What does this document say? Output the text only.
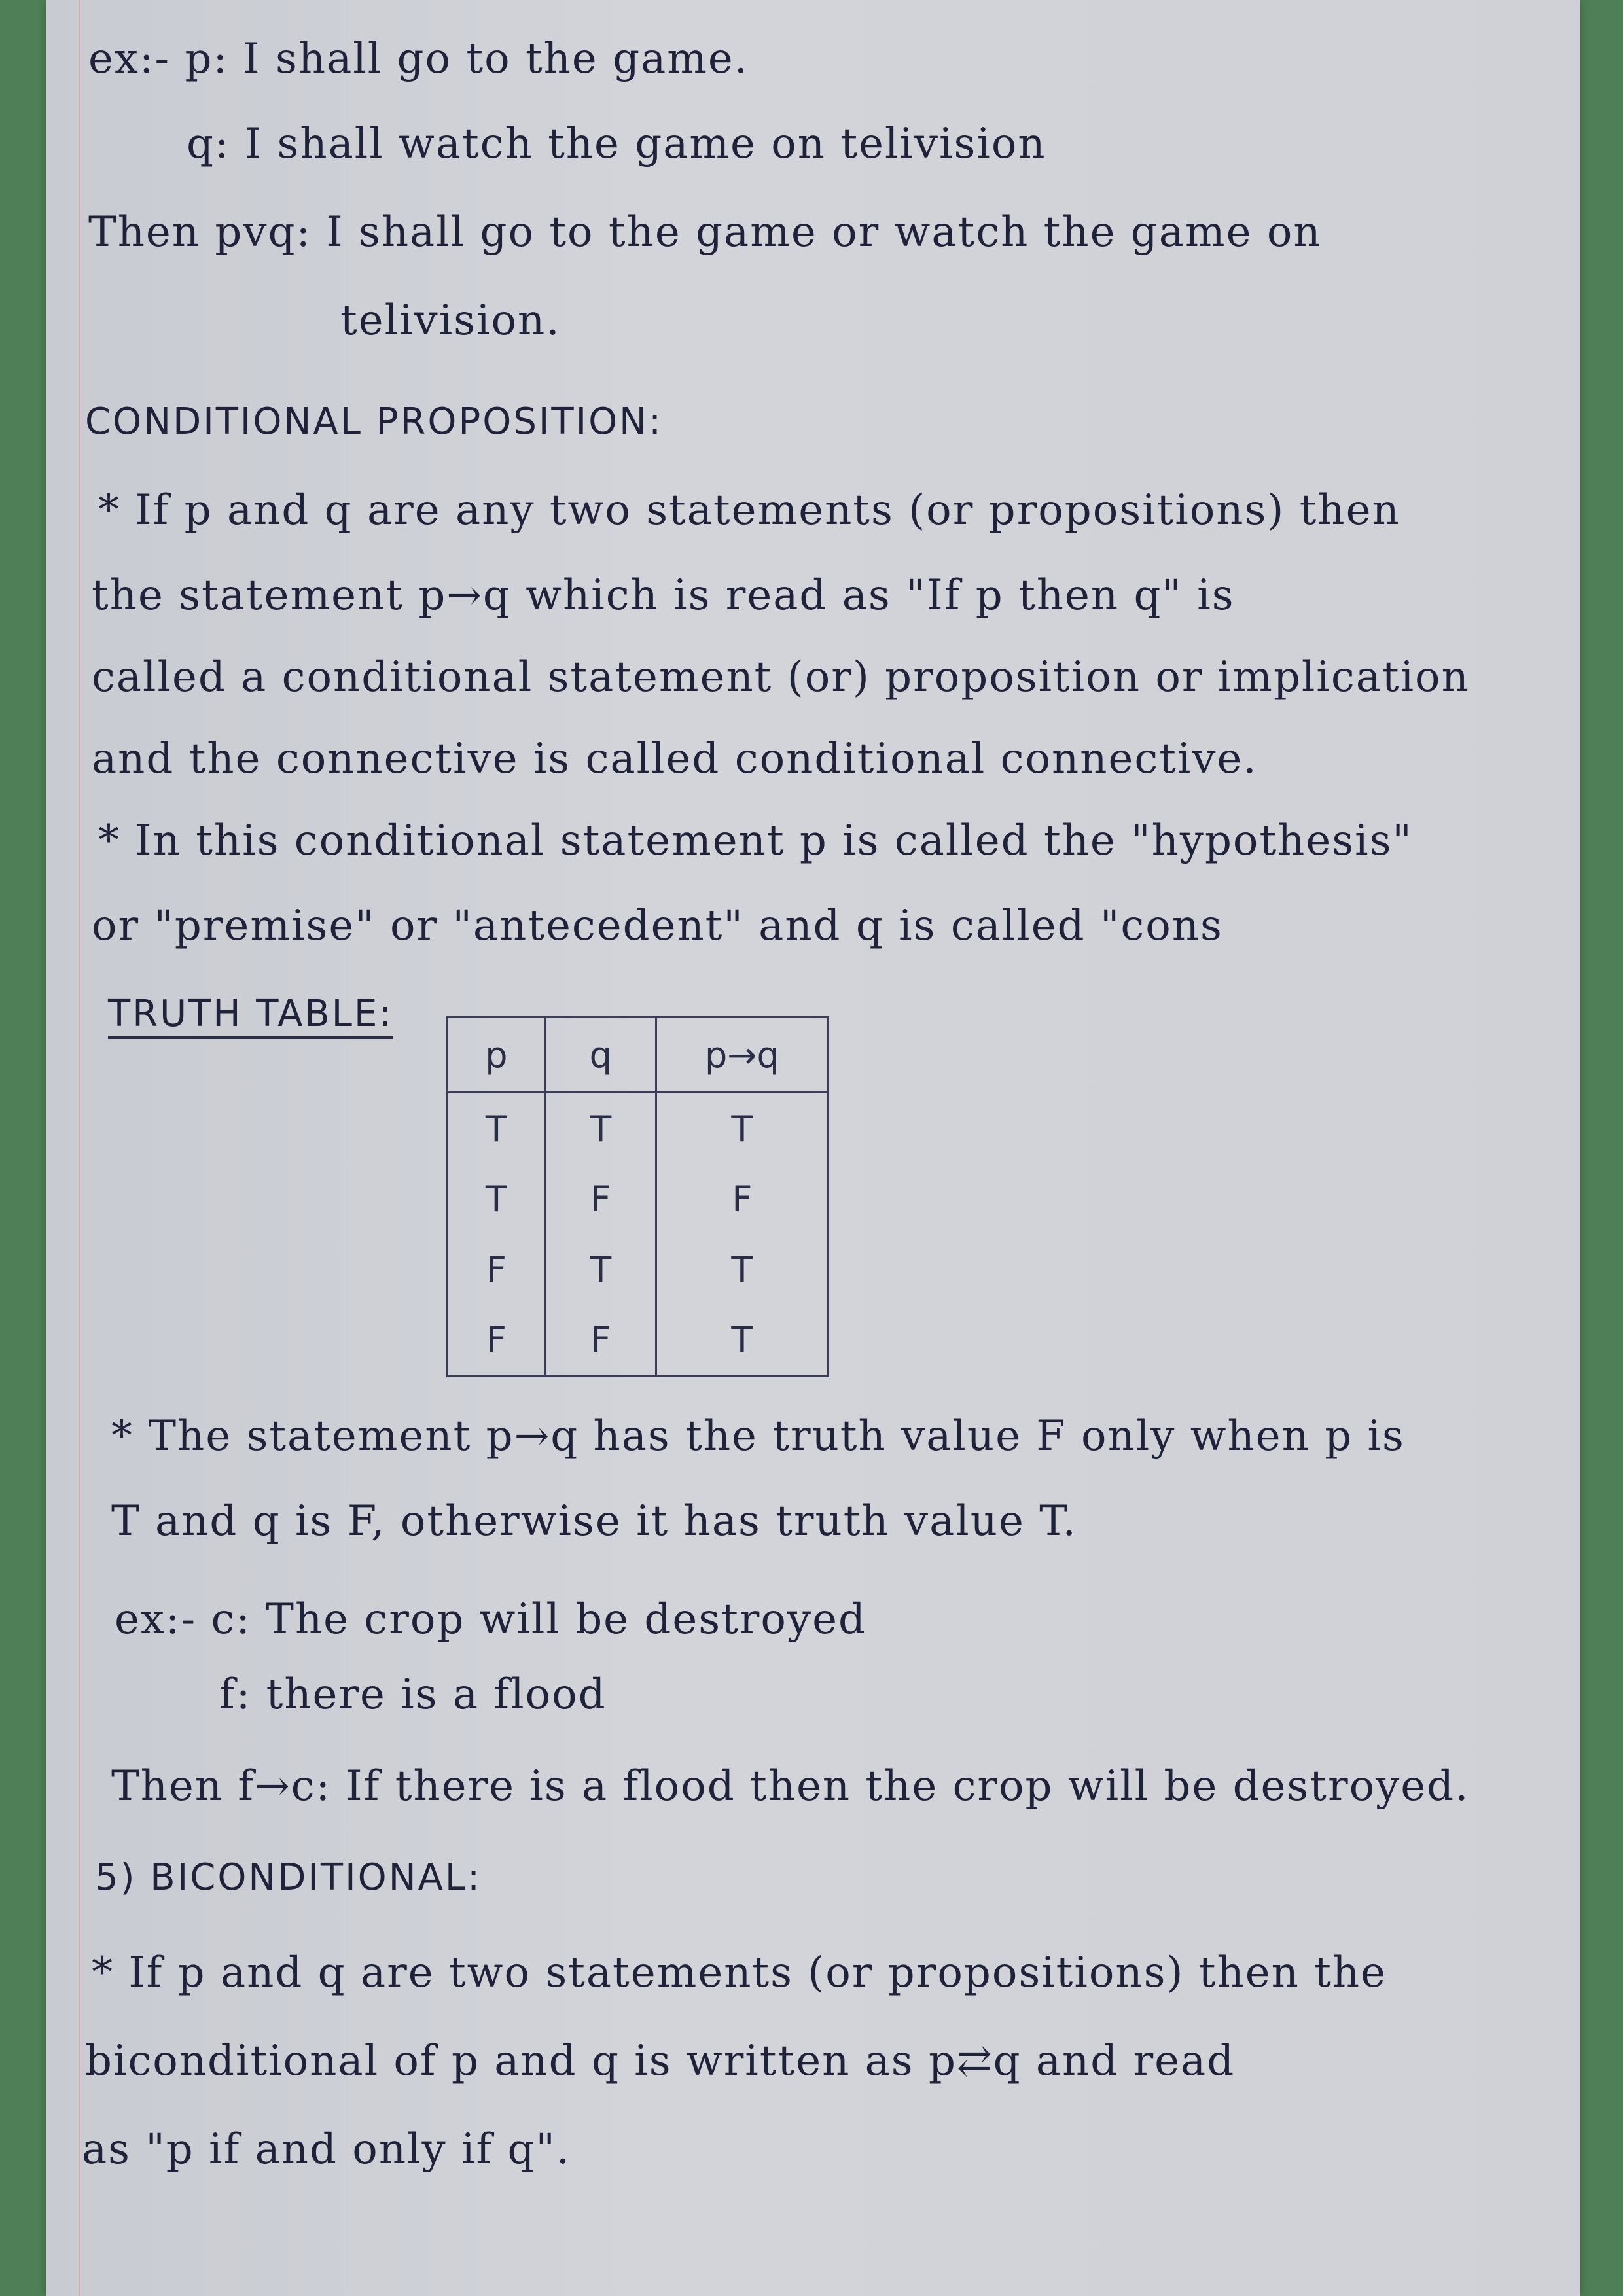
ex:- p: I shall go to the game.
q: I shall watch the game on telivision
Then pvq: I shall go to the game or watch the game on
telivision.
CONDITIONAL PROPOSITION:
* If p and q are any two statements (or propositions) then
the statement p→q which is read as "If p then q" is
called a conditional statement (or) proposition or implication
and the connective is called conditional connective.
* In this conditional statement p is called the "hypothesis"
or "premise" or "antecedent" and q is called "cons
TRUTH TABLE:
p	q	p→q
T	T	T
T	F	F
F	T	T
F	F	T
* The statement p→q has the truth value F only when p is
T and q is F, otherwise it has truth value T.
ex:- c: The crop will be destroyed
f: there is a flood
Then f→c: If there is a flood then the crop will be destroyed.
5) BICONDITIONAL:
* If p and q are two statements (or propositions) then the
biconditional of p and q is written as p⇄q and read
as "p if and only if q".
